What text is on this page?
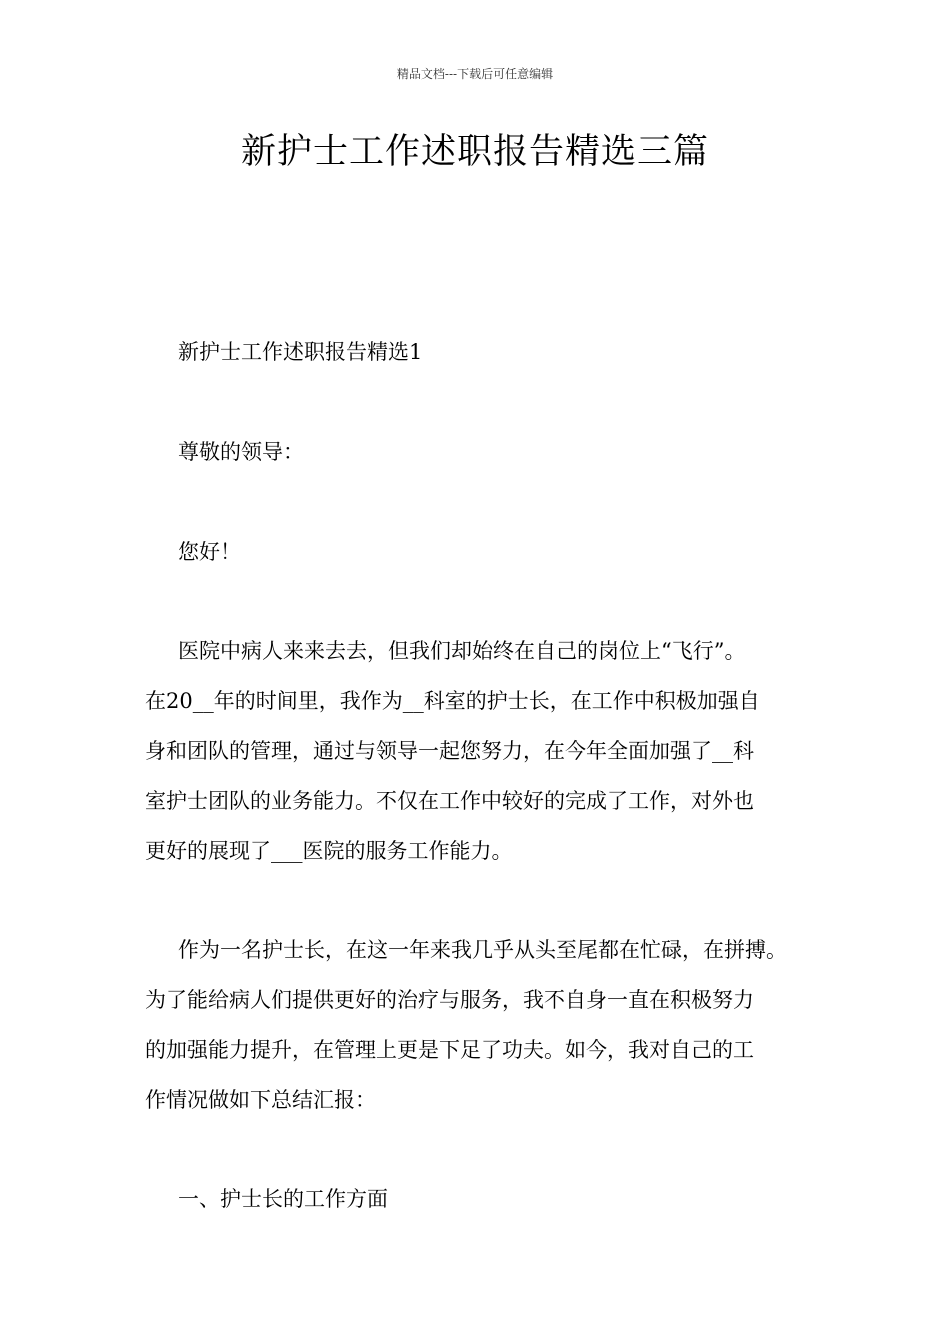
精品文档---下载后可任意编辑
新护士工作述职报告精选三篇
新护士工作述职报告精选1
尊敬的领导：
您好！
医院中病人来来去去，但我们却始终在自己的岗位上“飞行”。
在20__年的时间里，我作为__科室的护士长，在工作中积极加强自
身和团队的管理，通过与领导一起您努力，在今年全面加强了__科
室护士团队的业务能力。不仅在工作中较好的完成了工作，对外也
更好的展现了___医院的服务工作能力。
作为一名护士长，在这一年来我几乎从头至尾都在忙碌，在拼搏。
为了能给病人们提供更好的治疗与服务，我不自身一直在积极努力
的加强能力提升，在管理上更是下足了功夫。如今，我对自己的工
作情况做如下总结汇报：
一、护士长的工作方面
